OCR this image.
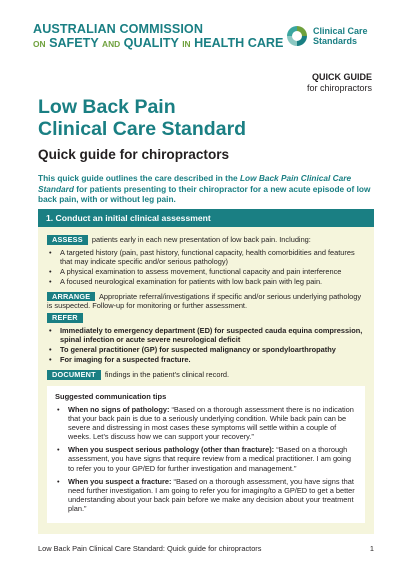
AUSTRALIAN COMMISSION
ON SAFETY AND QUALITY IN HEALTH CARE
Clinical Care
Standards
QUICK GUIDE
for chiropractors
Low Back Pain
Clinical Care Standard
Quick guide for chiropractors
This quick guide outlines the care described in the Low Back Pain Clinical Care Standard for patients presenting to their chiropractor for a new acute episode of low back pain, with or without leg pain.
1. Conduct an initial clinical assessment
ASSESS patients early in each new presentation of low back pain. Including:
• A targeted history (pain, past history, functional capacity, health comorbidities and features that may indicate specific and/or serious pathology)
• A physical examination to assess movement, functional capacity and pain interference
• A focused neurological examination for patients with low back pain with leg pain.
ARRANGE Appropriate referral/investigations if specific and/or serious underlying pathology is suspected. Follow-up for monitoring or further assessment.
REFER
• Immediately to emergency department (ED) for suspected cauda equina compression, spinal infection or acute severe neurological deficit
• To general practitioner (GP) for suspected malignancy or spondyloarthropathy
• For imaging for a suspected fracture.
DOCUMENT findings in the patient's clinical record.
Suggested communication tips
• When no signs of pathology: “Based on a thorough assessment there is no indication that your back pain is due to a seriously underlying condition. While back pain can be severe and distressing in most cases these symptoms will settle within a couple of weeks. Let’s discuss how we can support your recovery.”
• When you suspect serious pathology (other than fracture): “Based on a thorough assessment, you have signs that require review from a medical practitioner. I am going to refer you to your GP/ED for further investigation and management.”
• When you suspect a fracture: “Based on a thorough assessment, you have signs that need further investigation. I am going to refer you for imaging/to a GP/ED to get a better understanding about your back pain before we make any decision about your treatment plan.”
Low Back Pain Clinical Care Standard: Quick guide for chiropractors	1
